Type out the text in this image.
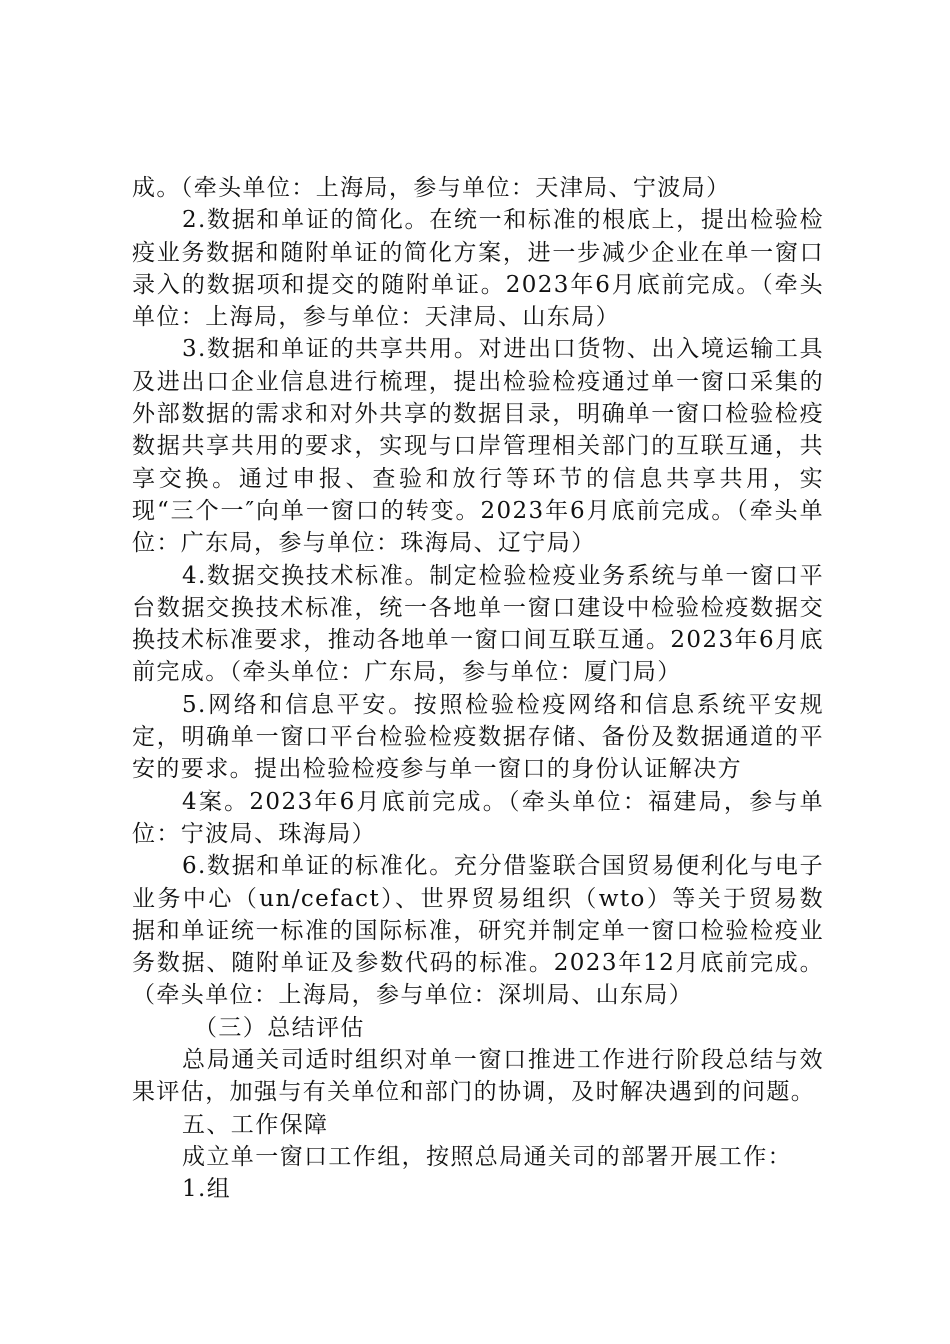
成。（牵头单位：上海局，参与单位：天津局、宁波局）

2.数据和单证的简化。在统一和标准的根底上，提出检验检疫业务数据和随附单证的简化方案，进一步减少企业在单一窗口录入的数据项和提交的随附单证。2023年6月底前完成。（牵头单位：上海局，参与单位：天津局、山东局）

3.数据和单证的共享共用。对进出口货物、出入境运输工具及进出口企业信息进行梳理，提出检验检疫通过单一窗口采集的外部数据的需求和对外共享的数据目录，明确单一窗口检验检疫数据共享共用的要求，实现与口岸管理相关部门的互联互通，共享交换。通过申报、查验和放行等环节的信息共享共用，实现“三个一″向单一窗口的转变。2023年6月底前完成。（牵头单位：广东局，参与单位：珠海局、辽宁局）

4.数据交换技术标准。制定检验检疫业务系统与单一窗口平台数据交换技术标准，统一各地单一窗口建设中检验检疫数据交换技术标准要求，推动各地单一窗口间互联互通。2023年6月底前完成。（牵头单位：广东局，参与单位：厦门局）

5.网络和信息平安。按照检验检疫网络和信息系统平安规定，明确单一窗口平台检验检疫数据存储、备份及数据通道的平安的要求。提出检验检疫参与单一窗口的身份认证解决方

4案。2023年6月底前完成。（牵头单位：福建局，参与单位：宁波局、珠海局）

6.数据和单证的标准化。充分借鉴联合国贸易便利化与电子业务中心（un/cefact）、世界贸易组织（wto）等关于贸易数据和单证统一标准的国际标准，研究并制定单一窗口检验检疫业务数据、随附单证及参数代码的标准。2023年12月底前完成。（牵头单位：上海局，参与单位：深圳局、山东局）

（三）总结评估

总局通关司适时组织对单一窗口推进工作进行阶段总结与效果评估，加强与有关单位和部门的协调，及时解决遇到的问题。

五、工作保障

成立单一窗口工作组，按照总局通关司的部署开展工作：

1.组
